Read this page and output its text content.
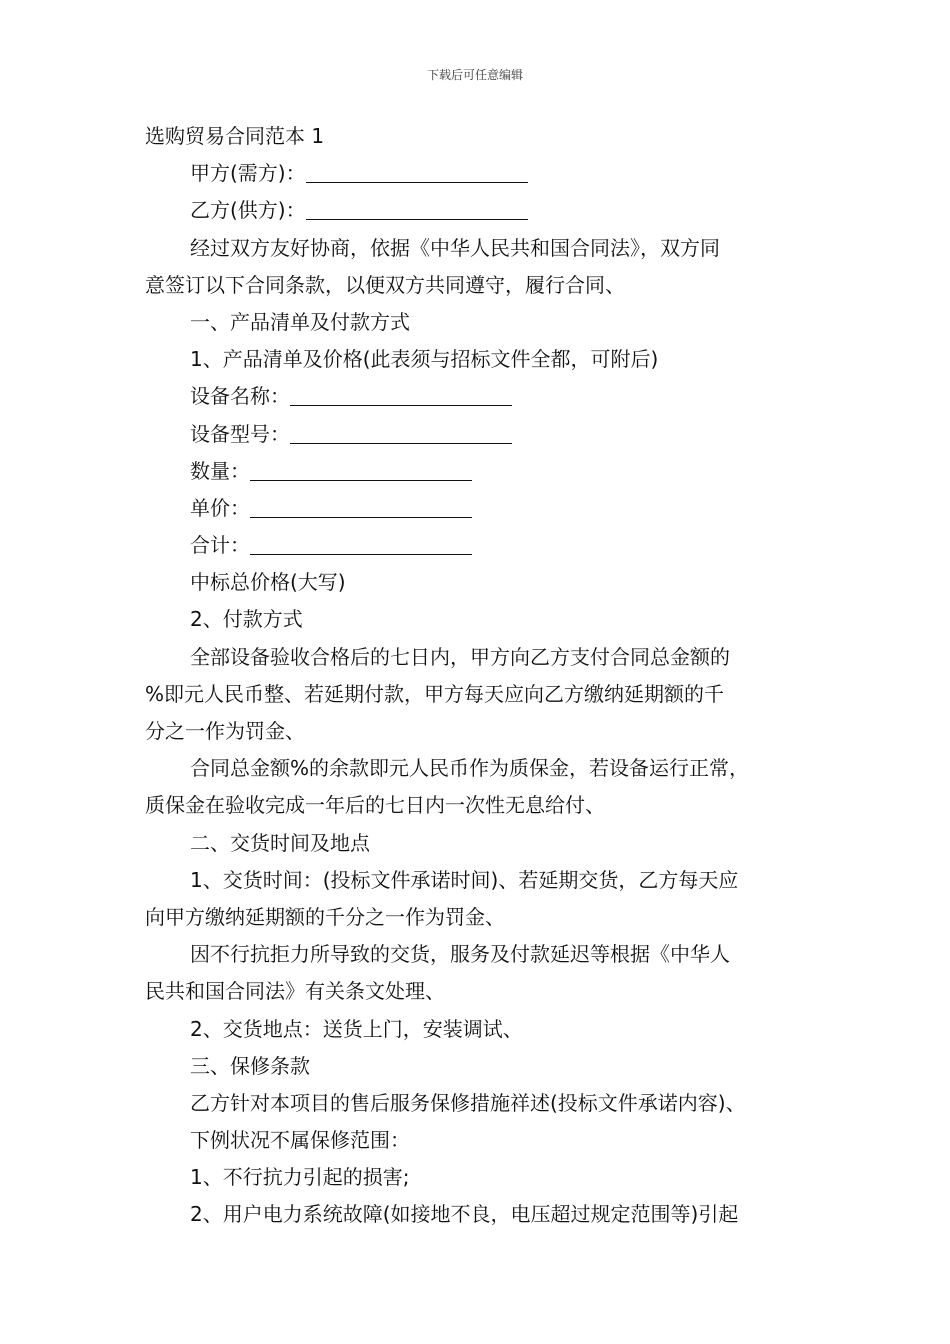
下载后可任意编辑
选购贸易合同范本 1
甲方(需方)：
乙方(供方)：
经过双方友好协商，依据《中华人民共和国合同法》，双方同
意签订以下合同条款，以便双方共同遵守，履行合同、
一、产品清单及付款方式
1、产品清单及价格(此表须与招标文件全都，可附后)
设备名称：
设备型号：
数量：
单价：
合计：
中标总价格(大写)
2、付款方式
全部设备验收合格后的七日内，甲方向乙方支付合同总金额的
%即元人民币整、若延期付款，甲方每天应向乙方缴纳延期额的千
分之一作为罚金、
合同总金额%的余款即元人民币作为质保金，若设备运行正常，
质保金在验收完成一年后的七日内一次性无息给付、
二、交货时间及地点
1、交货时间：(投标文件承诺时间)、若延期交货，乙方每天应
向甲方缴纳延期额的千分之一作为罚金、
因不行抗拒力所导致的交货，服务及付款延迟等根据《中华人
民共和国合同法》有关条文处理、
2、交货地点：送货上门，安装调试、
三、保修条款
乙方针对本项目的售后服务保修措施祥述(投标文件承诺内容)、
下例状况不属保修范围：
1、不行抗力引起的损害;
2、用户电力系统故障(如接地不良，电压超过规定范围等)引起
